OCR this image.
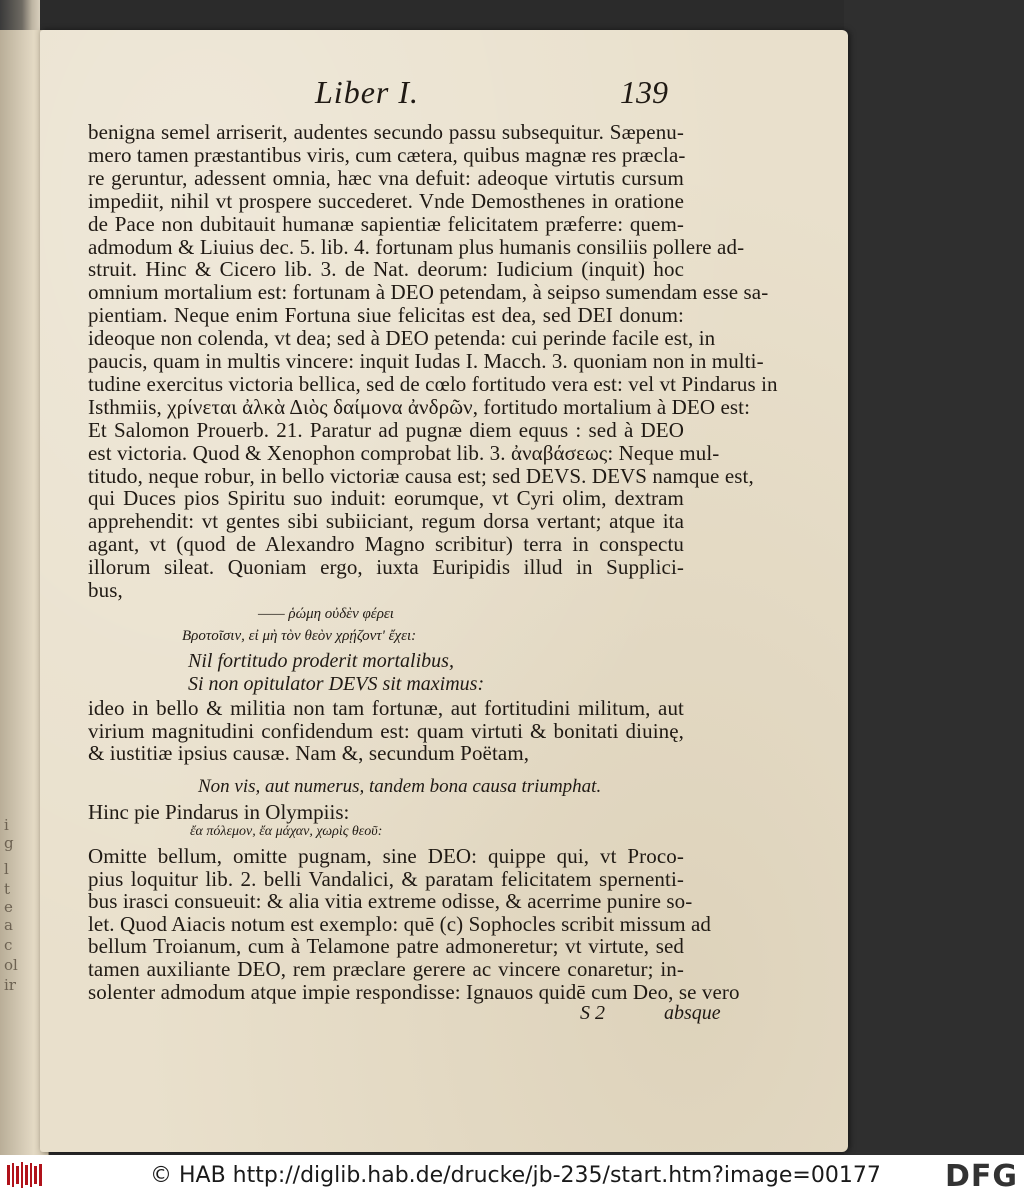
i
g
l
t
e
a
c
ol
ir
Liber I.	139
benigna semel arriserit, audentes secundo passu subsequitur. Sæpenu-
mero tamen præstantibus viris, cum cætera, quibus magnæ res præcla-
re geruntur, adessent omnia, hæc vna defuit: adeoque virtutis cursum
impediit, nihil vt prospere succederet. Vnde Demosthenes in oratione
de Pace non dubitauit humanæ sapientiæ felicitatem præferre: quem-
admodum & Liuius dec. 5. lib. 4. fortunam plus humanis consiliis pollere ad-
struit. Hinc & Cicero lib. 3. de Nat. deorum: Iudicium (inquit) hoc
omnium mortalium est: fortunam à DEO petendam, à seipso sumendam esse sa-
pientiam. Neque enim Fortuna siue felicitas est dea, sed DEI donum:
ideoque non colenda, vt dea; sed à DEO petenda: cui perinde facile est, in
paucis, quam in multis vincere: inquit Iudas I. Macch. 3. quoniam non in multi-
tudine exercitus victoria bellica, sed de cœlo fortitudo vera est: vel vt Pindarus in
Isthmiis, χρίνεται ἀλκὰ Διὸς δαίμονα ἀνδρῶν, fortitudo mortalium à DEO est:
Et Salomon Prouerb. 21. Paratur ad pugnæ diem equus : sed à DEO
est victoria. Quod & Xenophon comprobat lib. 3. ἀναβάσεως: Neque mul-
titudo, neque robur, in bello victoriæ causa est; sed DEVS. DEVS namque est,
qui Duces pios Spiritu suo induit: eorumque, vt Cyri olim, dextram
apprehendit: vt gentes sibi subiiciant, regum dorsa vertant; atque ita
agant, vt (quod de Alexandro Magno scribitur) terra in conspectu
illorum sileat. Quoniam ergo, iuxta Euripidis illud in Supplici-
bus,
—— ῥώμη οὐδὲν φέρει
Βροτοῖσιν, εἰ μὴ τὸν θεὸν χρῄζοντ' ἔχει:
Nil fortitudo proderit mortalibus,
Si non opitulator DEVS sit maximus:
ideo in bello & militia non tam fortunæ, aut fortitudini militum, aut
virium magnitudini confidendum est: quam virtuti & bonitati diuinę,
& iustitiæ ipsius causæ. Nam &, secundum Poëtam,
Non vis, aut numerus, tandem bona causa triumphat.
Hinc pie Pindarus in Olympiis:
ἔα πόλεμον, ἔα μάχαν, χωρὶς θεοῦ:
Omitte bellum, omitte pugnam, sine DEO: quippe qui, vt Proco-
pius loquitur lib. 2. belli Vandalici, & paratam felicitatem spernenti-
bus irasci consueuit: & alia vitia extreme odisse, & acerrime punire so-
let. Quod Aiacis notum est exemplo: quē (c) Sophocles scribit missum ad
bellum Troianum, cum à Telamone patre admoneretur; vt virtute, sed
tamen auxiliante DEO, rem præclare gerere ac vincere conaretur; in-
solenter admodum atque impie respondisse: Ignauos quidē cum Deo, se vero
S 2	absque
© HAB http://diglib.hab.de/drucke/jb-235/start.htm?image=00177 DFG
